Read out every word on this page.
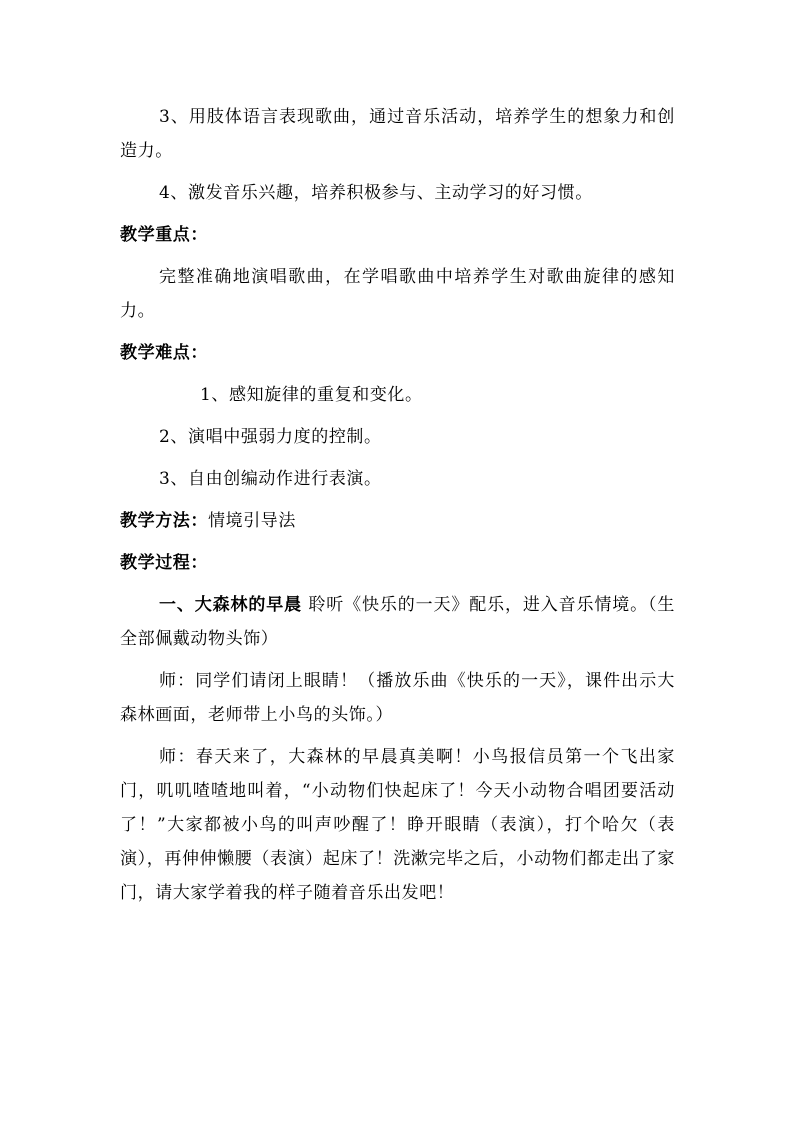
3、用肢体语言表现歌曲，通过音乐活动，培养学生的想象力和创造力。

4、激发音乐兴趣，培养积极参与、主动学习的好习惯。

教学重点：

完整准确地演唱歌曲，在学唱歌曲中培养学生对歌曲旋律的感知力。

教学难点：

1、感知旋律的重复和变化。

2、演唱中强弱力度的控制。

3、自由创编动作进行表演。

教学方法：情境引导法

教学过程：

一、大森林的早晨 聆听《快乐的一天》配乐，进入音乐情境。（生全部佩戴动物头饰）

师：同学们请闭上眼睛！（播放乐曲《快乐的一天》，课件出示大森林画面，老师带上小鸟的头饰。）

师：春天来了，大森林的早晨真美啊！小鸟报信员第一个飞出家门，叽叽喳喳地叫着，“小动物们快起床了！今天小动物合唱团要活动了！”大家都被小鸟的叫声吵醒了！睁开眼睛（表演），打个哈欠（表演），再伸伸懒腰（表演）起床了！洗漱完毕之后，小动物们都走出了家门，请大家学着我的样子随着音乐出发吧！
